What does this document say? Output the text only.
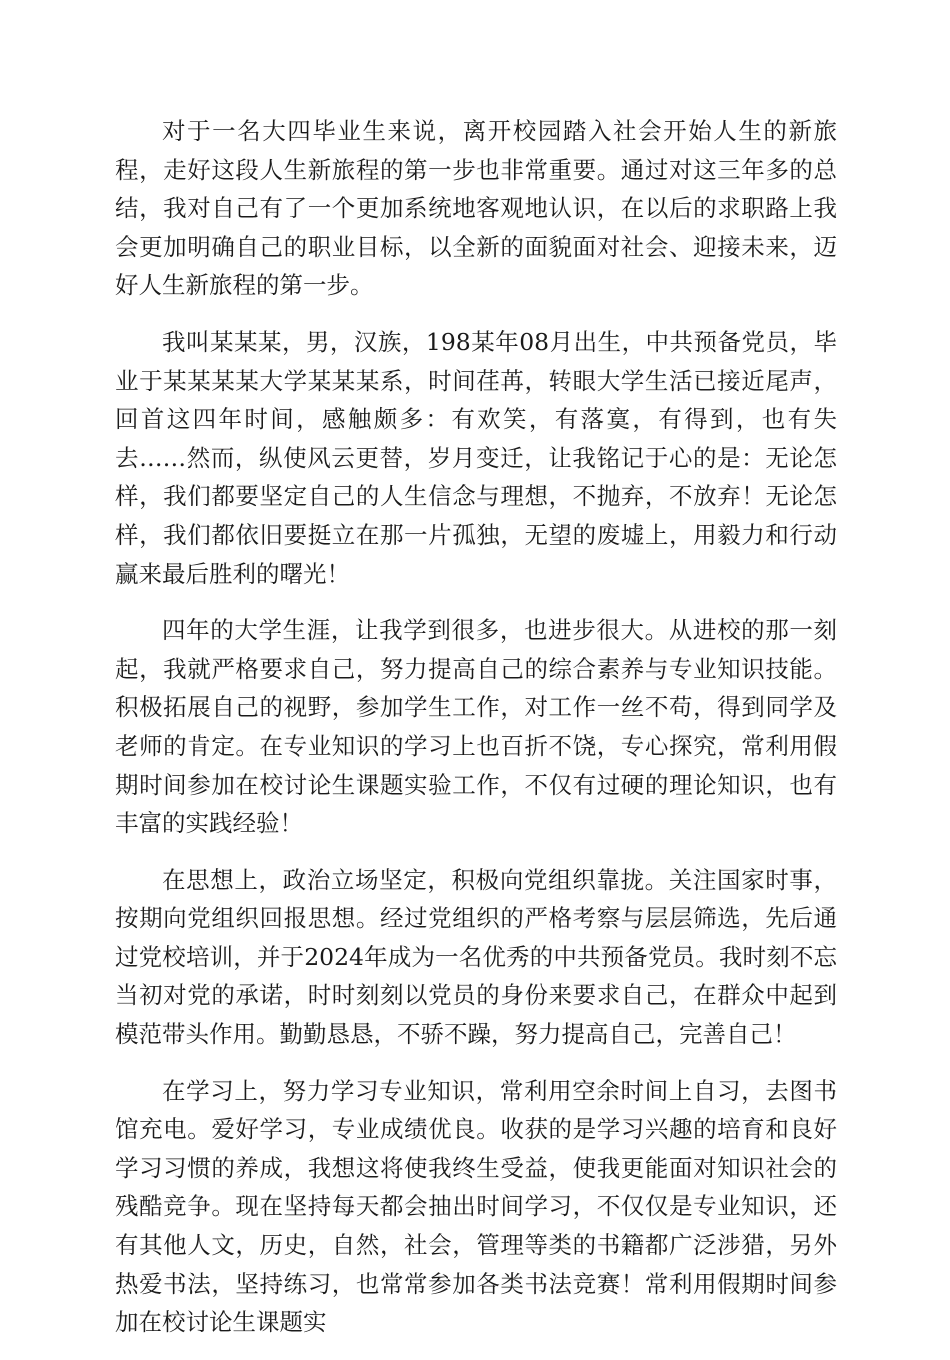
对于一名大四毕业生来说，离开校园踏入社会开始人生的新旅程，走好这段人生新旅程的第一步也非常重要。通过对这三年多的总结，我对自己有了一个更加系统地客观地认识，在以后的求职路上我会更加明确自己的职业目标，以全新的面貌面对社会、迎接未来，迈好人生新旅程的第一步。

我叫某某某，男，汉族，198某年08月出生，中共预备党员，毕业于某某某某大学某某某系，时间荏苒，转眼大学生活已接近尾声，回首这四年时间，感触颇多：有欢笑，有落寞，有得到，也有失去……然而，纵使风云更替，岁月变迁，让我铭记于心的是：无论怎样，我们都要坚定自己的人生信念与理想，不抛弃，不放弃！无论怎样，我们都依旧要挺立在那一片孤独，无望的废墟上，用毅力和行动赢来最后胜利的曙光！

四年的大学生涯，让我学到很多，也进步很大。从进校的那一刻起，我就严格要求自己，努力提高自己的综合素养与专业知识技能。积极拓展自己的视野，参加学生工作，对工作一丝不苟，得到同学及老师的肯定。在专业知识的学习上也百折不饶，专心探究，常利用假期时间参加在校讨论生课题实验工作，不仅有过硬的理论知识，也有丰富的实践经验！

在思想上，政治立场坚定，积极向党组织靠拢。关注国家时事，按期向党组织回报思想。经过党组织的严格考察与层层筛选，先后通过党校培训，并于2024年成为一名优秀的中共预备党员。我时刻不忘当初对党的承诺，时时刻刻以党员的身份来要求自己，在群众中起到模范带头作用。勤勤恳恳，不骄不躁，努力提高自己，完善自己！

在学习上，努力学习专业知识，常利用空余时间上自习，去图书馆充电。爱好学习，专业成绩优良。收获的是学习兴趣的培育和良好学习习惯的养成，我想这将使我终生受益，使我更能面对知识社会的残酷竞争。现在坚持每天都会抽出时间学习，不仅仅是专业知识，还有其他人文，历史，自然，社会，管理等类的书籍都广泛涉猎，另外热爱书法，坚持练习，也常常参加各类书法竞赛！常利用假期时间参加在校讨论生课题实
